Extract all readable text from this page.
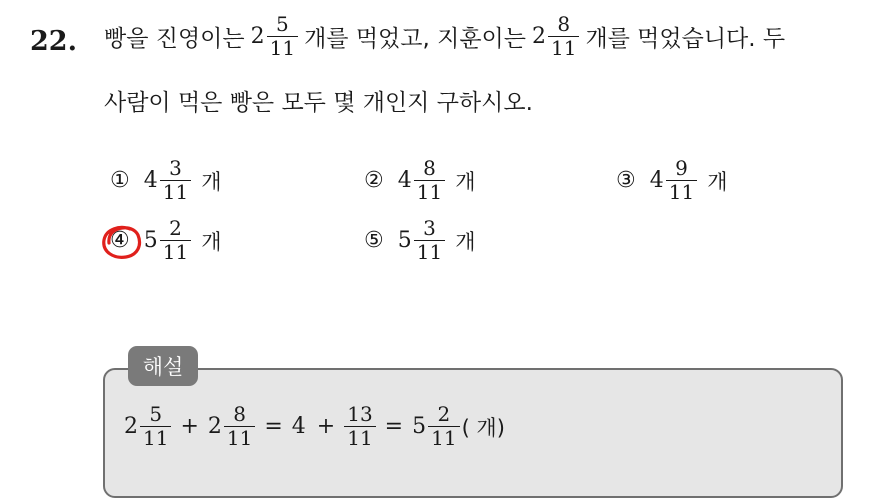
22. 빵을 진영이는 $2 \frac{5}{11}$ 개를 먹었고, 지훈이는 $2 \frac{8}{11}$ 개를 먹었습니다. 두
사람이 먹은 빵은 모두 몇 개인지 구하시오.
① $4 \frac{3}{11}$ 개	② $4 \frac{8}{11}$ 개	③ $4 \frac{9}{11}$ 개
④ $5 \frac{2}{11}$ 개	⑤ $5 \frac{3}{11}$ 개
해설
$2 \frac{5}{11} + 2 \frac{8}{11} = 4 + \frac{13}{11} = 5 \frac{2}{11}$ ( 개)
